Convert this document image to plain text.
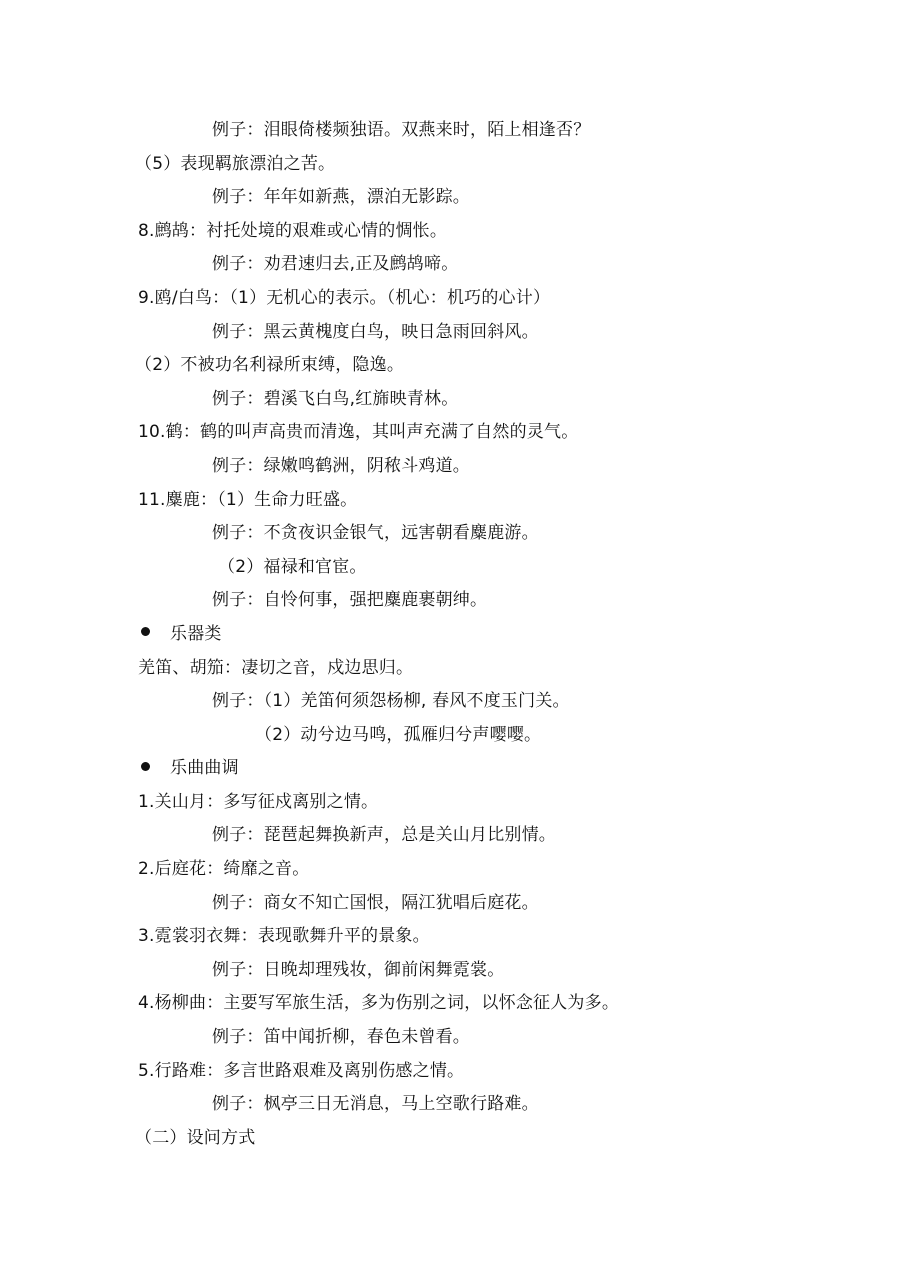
例子：泪眼倚楼频独语。双燕来时，陌上相逢否？
（5）表现羁旅漂泊之苦。
例子：年年如新燕，漂泊无影踪。
8.鹧鸪：衬托处境的艰难或心情的惆怅。
例子：劝君速归去,正及鹧鸪啼。
9.鸥/白鸟：（1）无机心的表示。（机心：机巧的心计）
例子：黑云黄槐度白鸟，映日急雨回斜风。
（2）不被功名利禄所束缚，隐逸。
例子：碧溪飞白鸟,红旆映青林。
10.鹤：鹤的叫声高贵而清逸，其叫声充满了自然的灵气。
例子：绿嫩鸣鹤洲，阴秾斗鸡道。
11.麋鹿：（1）生命力旺盛。
例子：不贪夜识金银气，远害朝看麋鹿游。
（2）福禄和官宦。
例子：自怜何事，强把麋鹿裹朝绅。
乐器类
羌笛、胡笳：凄切之音，戍边思归。
例子：（1）羌笛何须怨杨柳, 春风不度玉门关。
（2）动兮边马鸣，孤雁归兮声嘤嘤。
乐曲曲调
1.关山月：多写征戍离别之情。
例子：琵琶起舞换新声，总是关山月比别情。
2.后庭花：绮靡之音。
例子：商女不知亡国恨，隔江犹唱后庭花。
3.霓裳羽衣舞：表现歌舞升平的景象。
例子：日晚却理残妆，御前闲舞霓裳。
4.杨柳曲：主要写军旅生活，多为伤别之词，以怀念征人为多。
例子：笛中闻折柳，春色未曾看。
5.行路难：多言世路艰难及离别伤感之情。
例子：枫亭三日无消息，马上空歌行路难。
（二）设问方式
